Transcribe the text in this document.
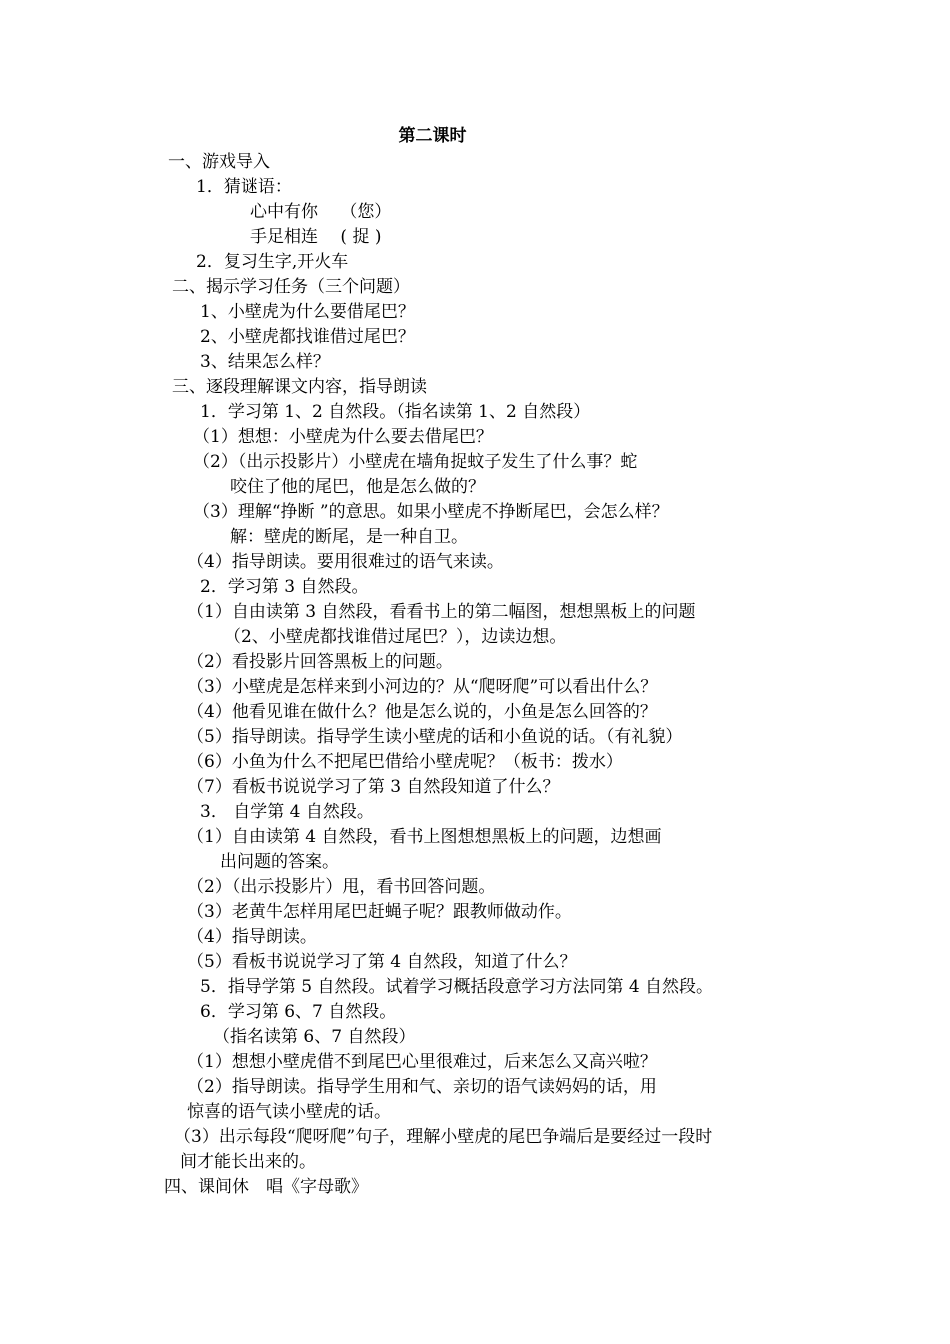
第二课时
一、游戏导入
1．猜谜语：
心中有你　 （您）
手足相连　 ( 捉 )
2．复习生字,开火车
二、揭示学习任务（三个问题）
1、小壁虎为什么要借尾巴？
2、小壁虎都找谁借过尾巴？
3、结果怎么样？
三、逐段理解课文内容，指导朗读
1．学习第 1、2 自然段。（指名读第 1、2 自然段）
（1）想想：小壁虎为什么要去借尾巴？
（2）（出示投影片）小壁虎在墙角捉蚊子发生了什么事？蛇
咬住了他的尾巴，他是怎么做的？
（3）理解“挣断 ”的意思。如果小壁虎不挣断尾巴，会怎么样？
解：壁虎的断尾，是一种自卫。
（4）指导朗读。要用很难过的语气来读。
2．学习第 3 自然段。
（1）自由读第 3 自然段，看看书上的第二幅图，想想黑板上的问题
（2、小壁虎都找谁借过尾巴？），边读边想。
（2）看投影片回答黑板上的问题。
（3）小壁虎是怎样来到小河边的？从“爬呀爬”可以看出什么？
（4）他看见谁在做什么？他是怎么说的，小鱼是怎么回答的？
（5）指导朗读。指导学生读小壁虎的话和小鱼说的话。（有礼貌）
（6）小鱼为什么不把尾巴借给小壁虎呢？（板书：拨水）
（7）看板书说说学习了第 3 自然段知道了什么？
3． 自学第 4 自然段。
（1）自由读第 4 自然段，看书上图想想黑板上的问题，边想画
出问题的答案。
（2）（出示投影片）甩，看书回答问题。
（3）老黄牛怎样用尾巴赶蝇子呢？跟教师做动作。
（4）指导朗读。
（5）看板书说说学习了第 4 自然段，知道了什么？
5．指导学第 5 自然段。试着学习概括段意学习方法同第 4 自然段。
6．学习第 6、7 自然段。
（指名读第 6、7 自然段）
（1）想想小壁虎借不到尾巴心里很难过，后来怎么又高兴啦？
（2）指导朗读。指导学生用和气、亲切的语气读妈妈的话，用
惊喜的语气读小壁虎的话。
（3）出示每段“爬呀爬”句子，理解小壁虎的尾巴争端后是要经过一段时
间才能长出来的。
四、课间休　唱《字母歌》
